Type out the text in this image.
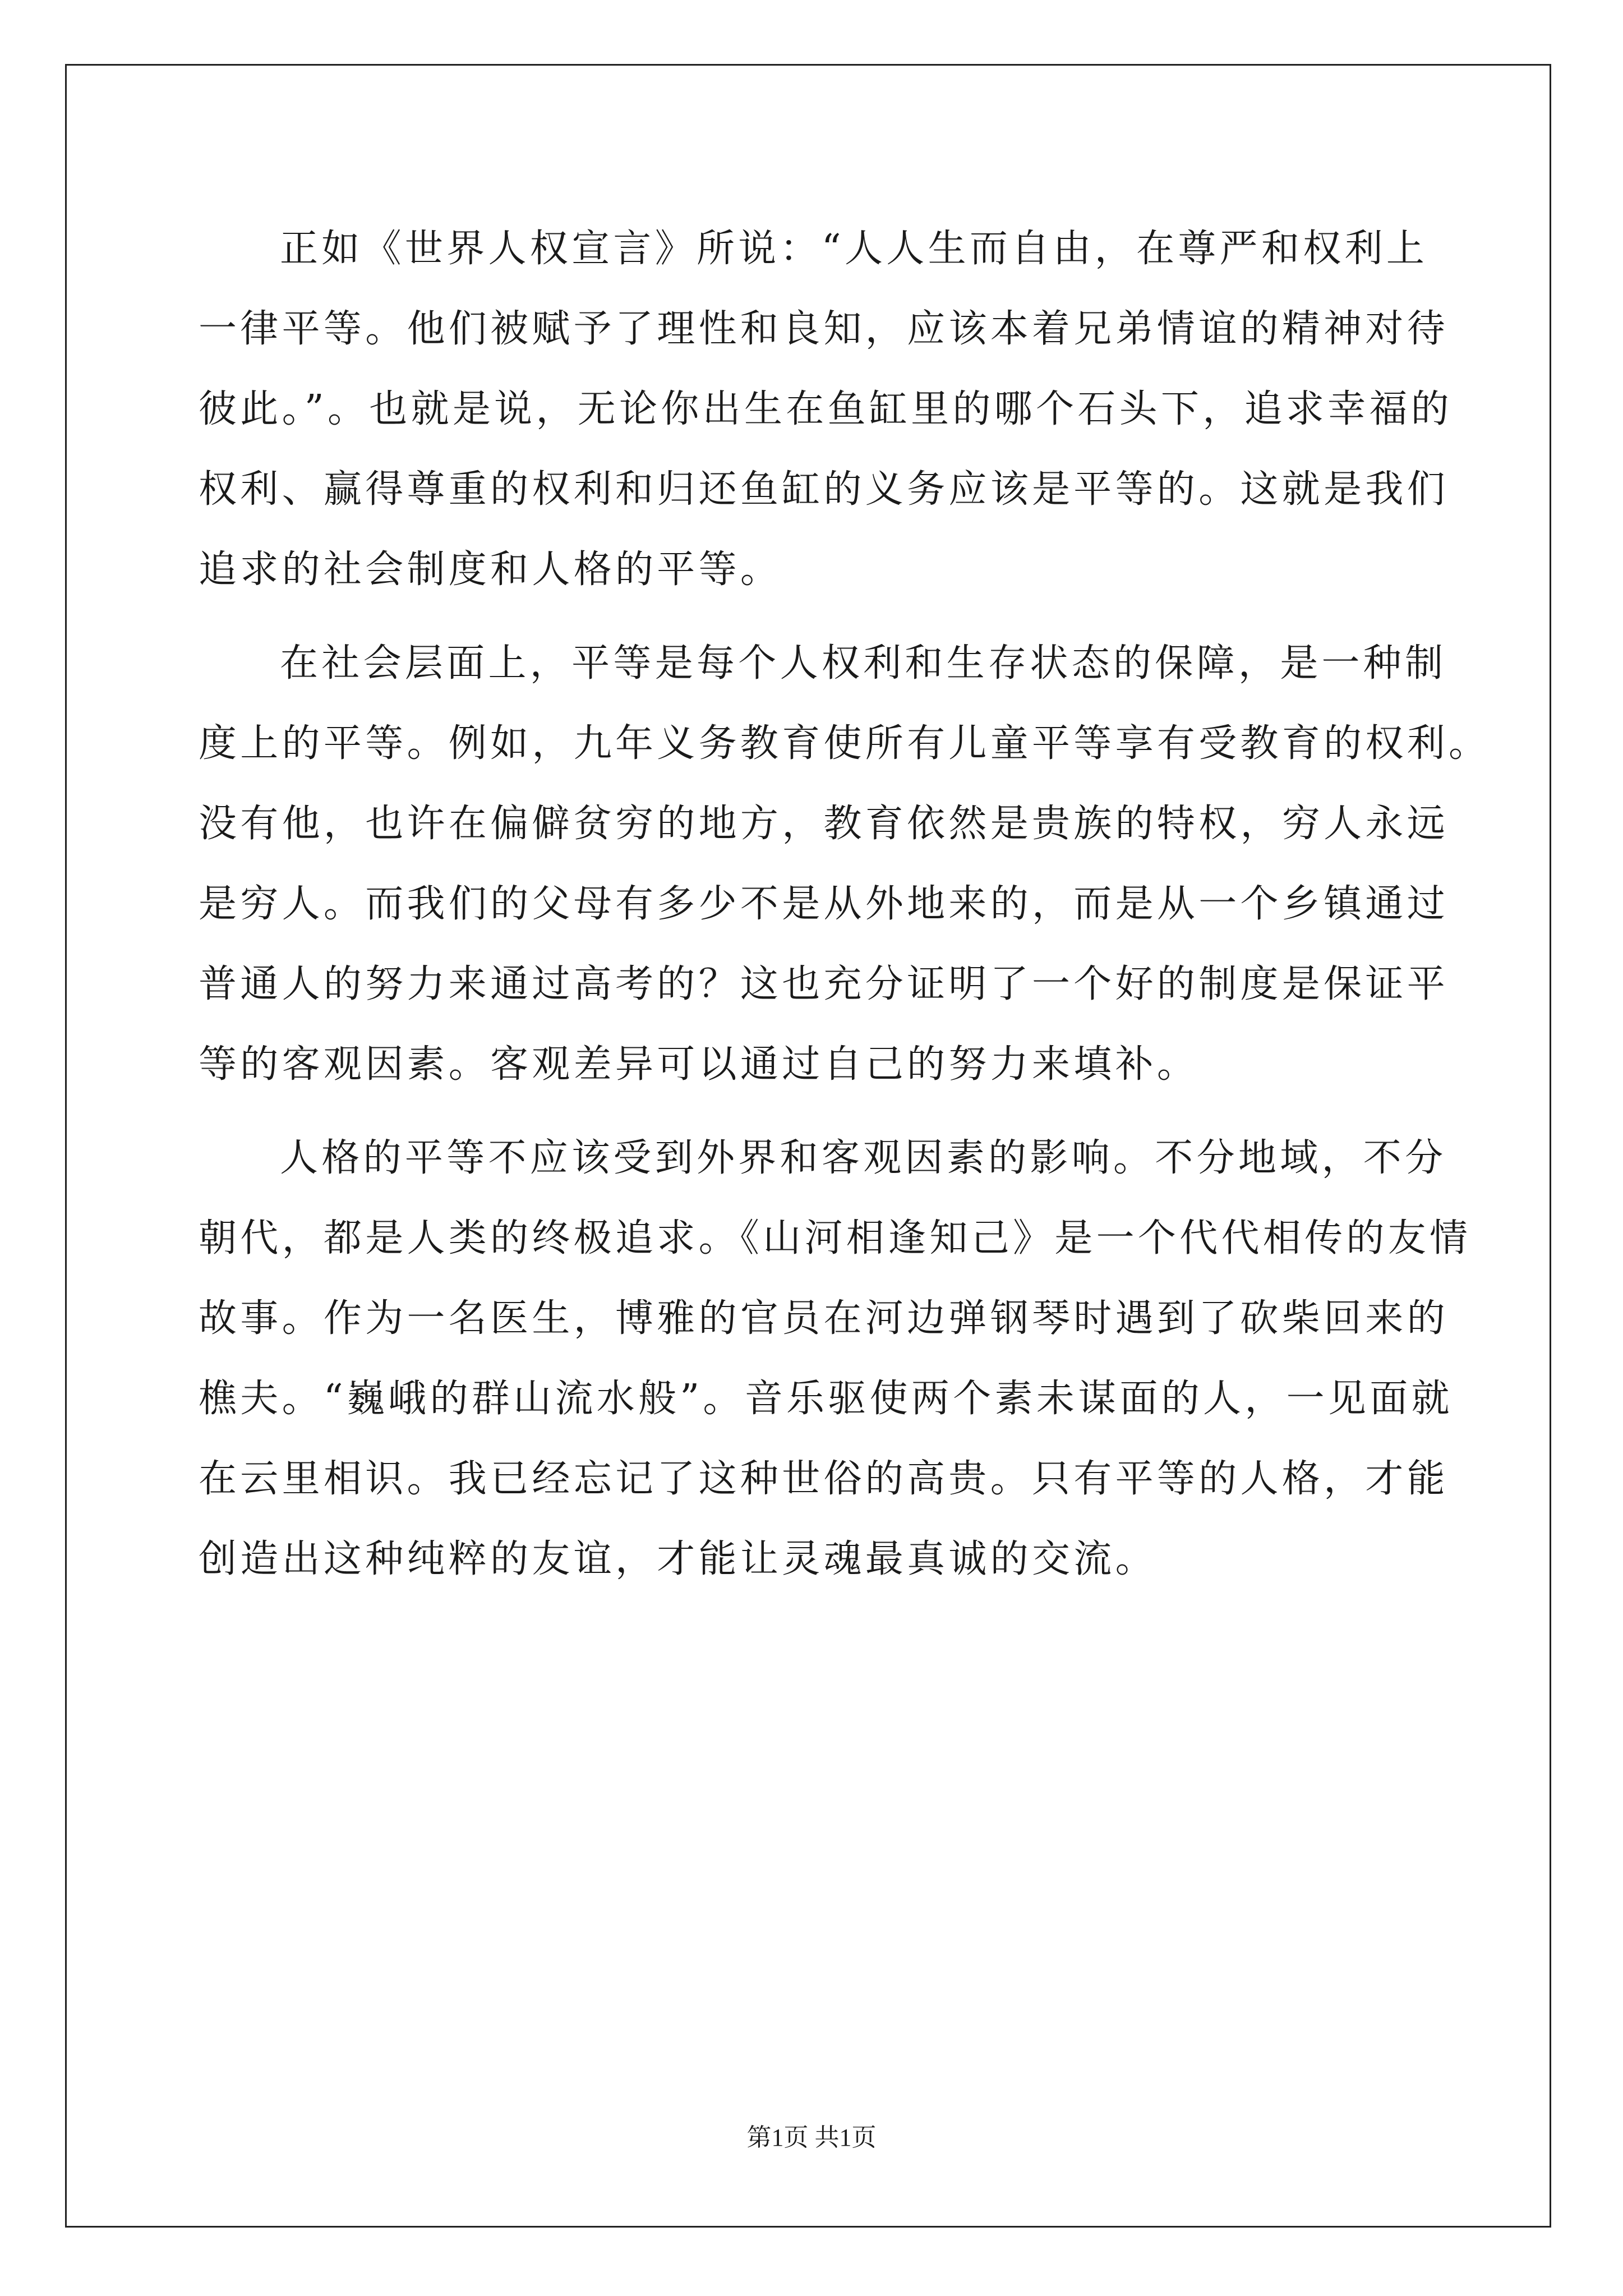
正如《世界人权宣言》所说：“人人生而自由，在尊严和权利上
一律平等。他们被赋予了理性和良知，应该本着兄弟情谊的精神对待
彼此。”。也就是说，无论你出生在鱼缸里的哪个石头下，追求幸福的
权利、赢得尊重的权利和归还鱼缸的义务应该是平等的。这就是我们
追求的社会制度和人格的平等。
在社会层面上，平等是每个人权利和生存状态的保障，是一种制
度上的平等。例如，九年义务教育使所有儿童平等享有受教育的权利。
没有他，也许在偏僻贫穷的地方，教育依然是贵族的特权，穷人永远
是穷人。而我们的父母有多少不是从外地来的，而是从一个乡镇通过
普通人的努力来通过高考的？这也充分证明了一个好的制度是保证平
等的客观因素。客观差异可以通过自己的努力来填补。
人格的平等不应该受到外界和客观因素的影响。不分地域，不分
朝代，都是人类的终极追求。《山河相逢知己》是一个代代相传的友情
故事。作为一名医生，博雅的官员在河边弹钢琴时遇到了砍柴回来的
樵夫。“巍峨的群山流水般”。音乐驱使两个素未谋面的人，一见面就
在云里相识。我已经忘记了这种世俗的高贵。只有平等的人格，才能
创造出这种纯粹的友谊，才能让灵魂最真诚的交流。
第1页 共1页
